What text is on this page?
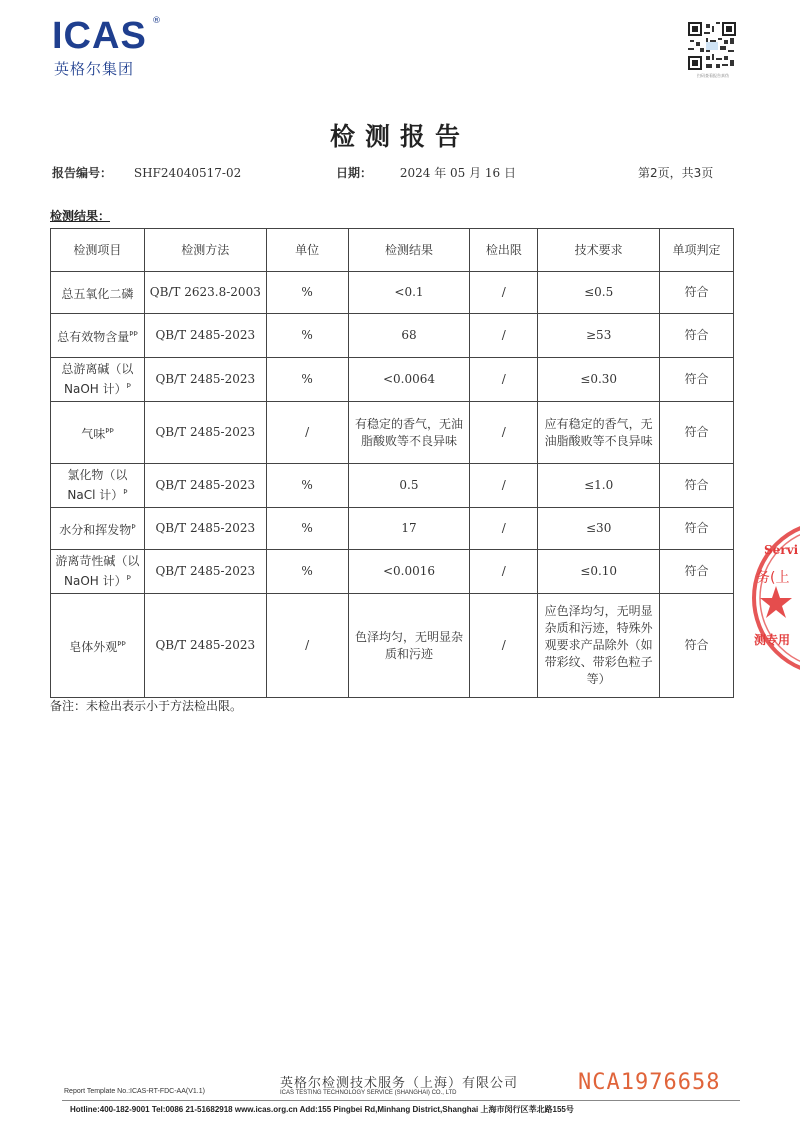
ICAS ®
英格尔集团	扫码查看报告真伪
检测报告
报告编号： SHF24040517-02	日期： 2024 年 05 月 16 日	第2页，共3页
检测结果：
检测项目	检测方法	单位	检测结果	检出限	技术要求	单项判定
总五氧化二磷	QB/T 2623.8-2003	%	<0.1	/	≤0.5	符合
总有效物含量$^{ÞÞ}$	QB/T 2485-2023	%	68	/	≥53	符合
总游离碱（以 NaOH 计）$^Þ$	QB/T 2485-2023	%	<0.0064	/	≤0.30	符合
气味$^{ÞÞ}$	QB/T 2485-2023	/	有稳定的香气，无油脂酸败等不良异味	/	应有稳定的香气，无油脂酸败等不良异味	符合
氯化物（以 NaCl 计）$^Þ$	QB/T 2485-2023	%	0.5	/	≤1.0	符合
水分和挥发物$^Þ$	QB/T 2485-2023	%	17	/	≤30	符合
游离苛性碱（以 NaOH 计）$^Þ$	QB/T 2485-2023	%	<0.0016	/	≤0.10	符合
皂体外观$^{ÞÞ}$	QB/T 2485-2023	/	色泽均匀，无明显杂质和污迹	/	应色泽均匀，无明显杂质和污迹，特殊外观要求产品除外（如带彩纹、带彩色粒子等）	符合
备注：未检出表示小于方法检出限。
Servi
务(上
测专用
英格尔检测技术服务（上海）有限公司
ICAS TESTING TECHNOLOGY SERVICE (SHANGHAI) CO., LTD
Report Template No.:ICAS-RT-FDC-AA(V1.1)	NCA1976658
Hotline:400-182-9001 Tel:0086 21-51682918 www.icas.org.cn Add:155 Pingbei Rd,Minhang District,Shanghai 上海市闵行区莘北路155号
